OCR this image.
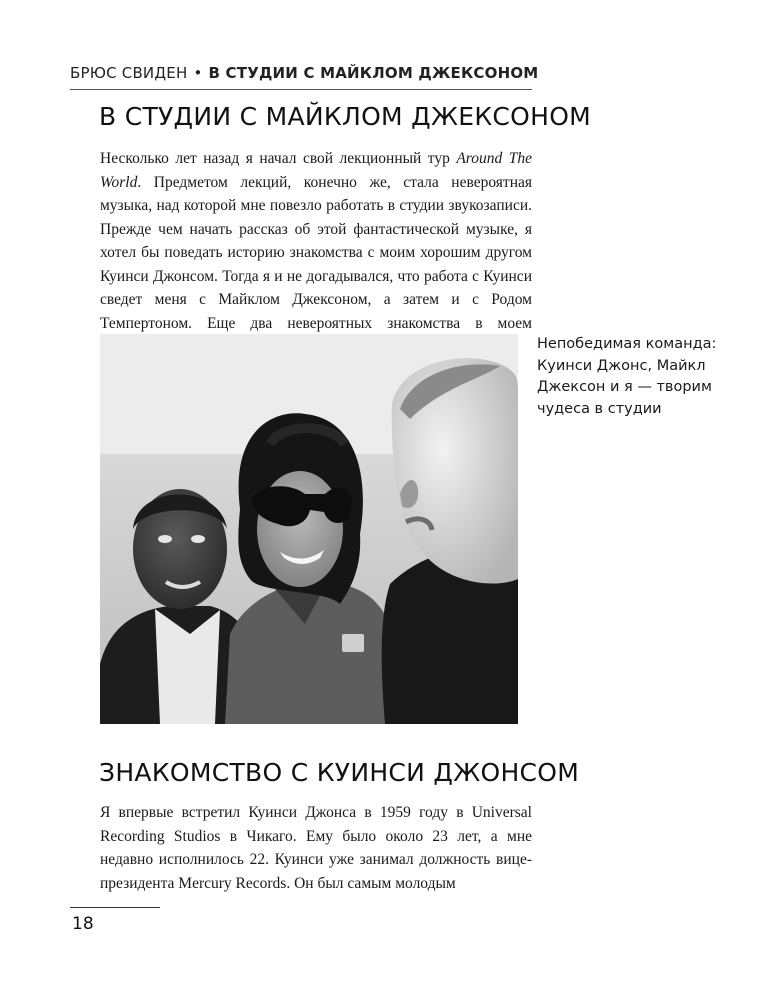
БРЮС СВИДЕН • В СТУДИИ С МАЙКЛОМ ДЖЕКСОНОМ
В СТУДИИ С МАЙКЛОМ ДЖЕКСОНОМ

Несколько лет назад я начал свой лекционный тур Around The World. Предметом лекций, конечно же, стала невероятная музыка, над которой мне повезло работать в студии звукозаписи. Прежде чем начать рассказ об этой фантастической музыке, я хотел бы поведать историю знакомства с моим хорошим другом Куинси Джонсом. Тогда я и не догадывался, что работа с Куинси сведет меня с Майклом Джексоном, а затем и с Родом Темпертоном. Еще два невероятных знакомства в моем

Непобедимая команда: Куинси Джонс, Майкл Джексон и я — творим чудеса в студии

ЗНАКОМСТВО С КУИНСИ ДЖОНСОМ

Я впервые встретил Куинси Джонса в 1959 году в Universal Recording Studios в Чикаго. Ему было около 23 лет, а мне недавно исполнилось 22. Куинси уже занимал должность вице-президента Mercury Records. Он был самым молодым

18
